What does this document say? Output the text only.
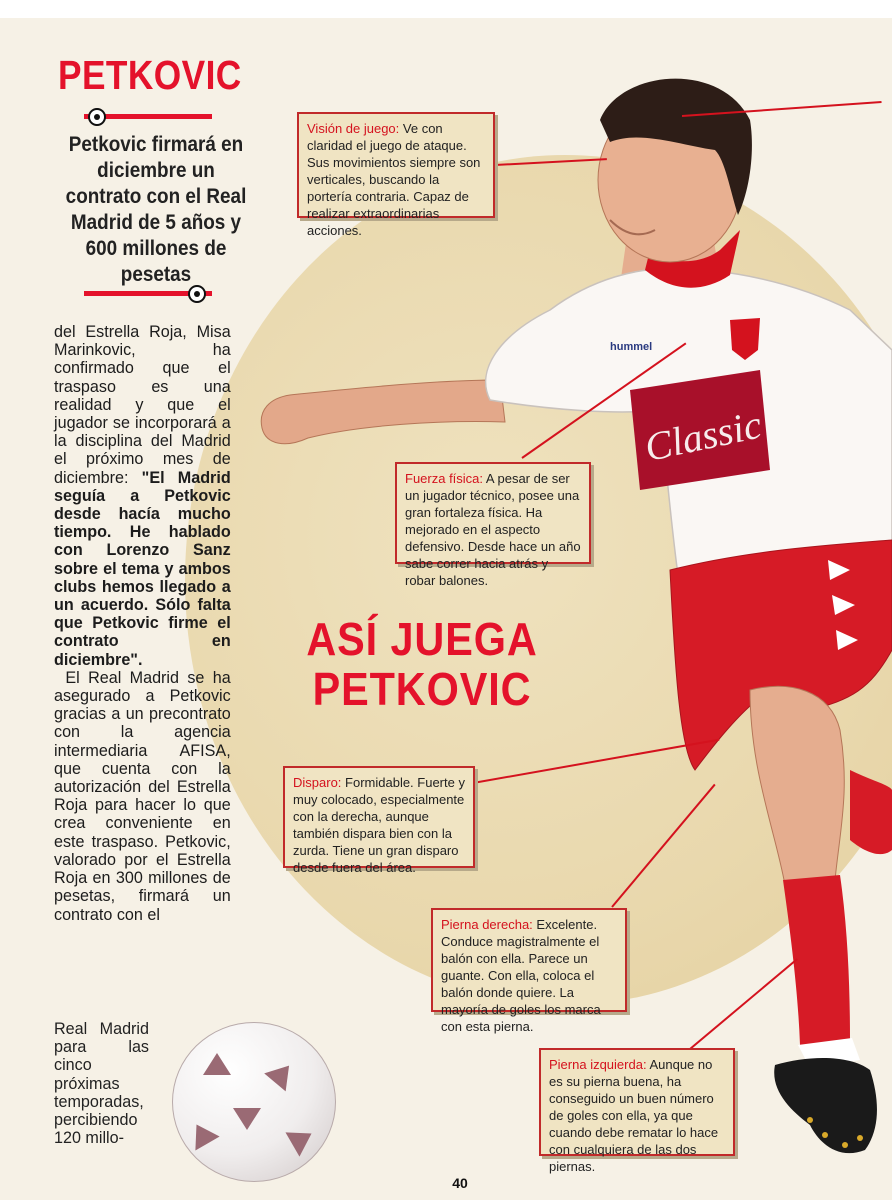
PETKOVIC
Petkovic firmará en diciembre un contrato con el Real Madrid de 5 años y 600 millones de pesetas
del Estrella Roja, Misa Marinkovic, ha confirmado que el traspaso es una realidad y que el jugador se incorporará a la disciplina del Madrid el próximo mes de diciembre: "El Madrid seguía a Petkovic desde hacía mucho tiempo. He hablado con Lorenzo Sanz sobre el tema y ambos clubs hemos llegado a un acuerdo. Sólo falta que Petkovic firme el contrato en diciembre".

El Real Madrid se ha asegurado a Petkovic gracias a un precontrato con la agencia intermediaria AFISA, que cuenta con la autorización del Estrella Roja para hacer lo que crea conveniente en este traspaso. Petkovic, valorado por el Estrella Roja en 300 millones de pesetas, firmará un contrato con el

Real Madrid para las cinco próximas temporadas, percibiendo 120 millo-
Classic
hummel
ASÍ JUEGA
PETKOVIC
Visión de juego: Ve con claridad el juego de ataque. Sus movimientos siempre son verticales, buscando la portería contraria. Capaz de realizar extraordinarias acciones.
Fuerza física: A pesar de ser un jugador técnico, posee una gran fortaleza física. Ha mejorado en el aspecto defensivo. Desde hace un año sabe correr hacia atrás y robar balones.
Disparo: Formidable. Fuerte y muy colocado, especialmente con la derecha, aunque también dispara bien con la zurda. Tiene un gran disparo desde fuera del área.
Pierna derecha: Excelente. Conduce magistralmente el balón con ella. Parece un guante. Con ella, coloca el balón donde quiere. La mayoría de goles los marca con esta pierna.
Pierna izquierda: Aunque no es su pierna buena, ha conseguido un buen número de goles con ella, ya que cuando debe rematar lo hace con cualquiera de las dos piernas.
40
